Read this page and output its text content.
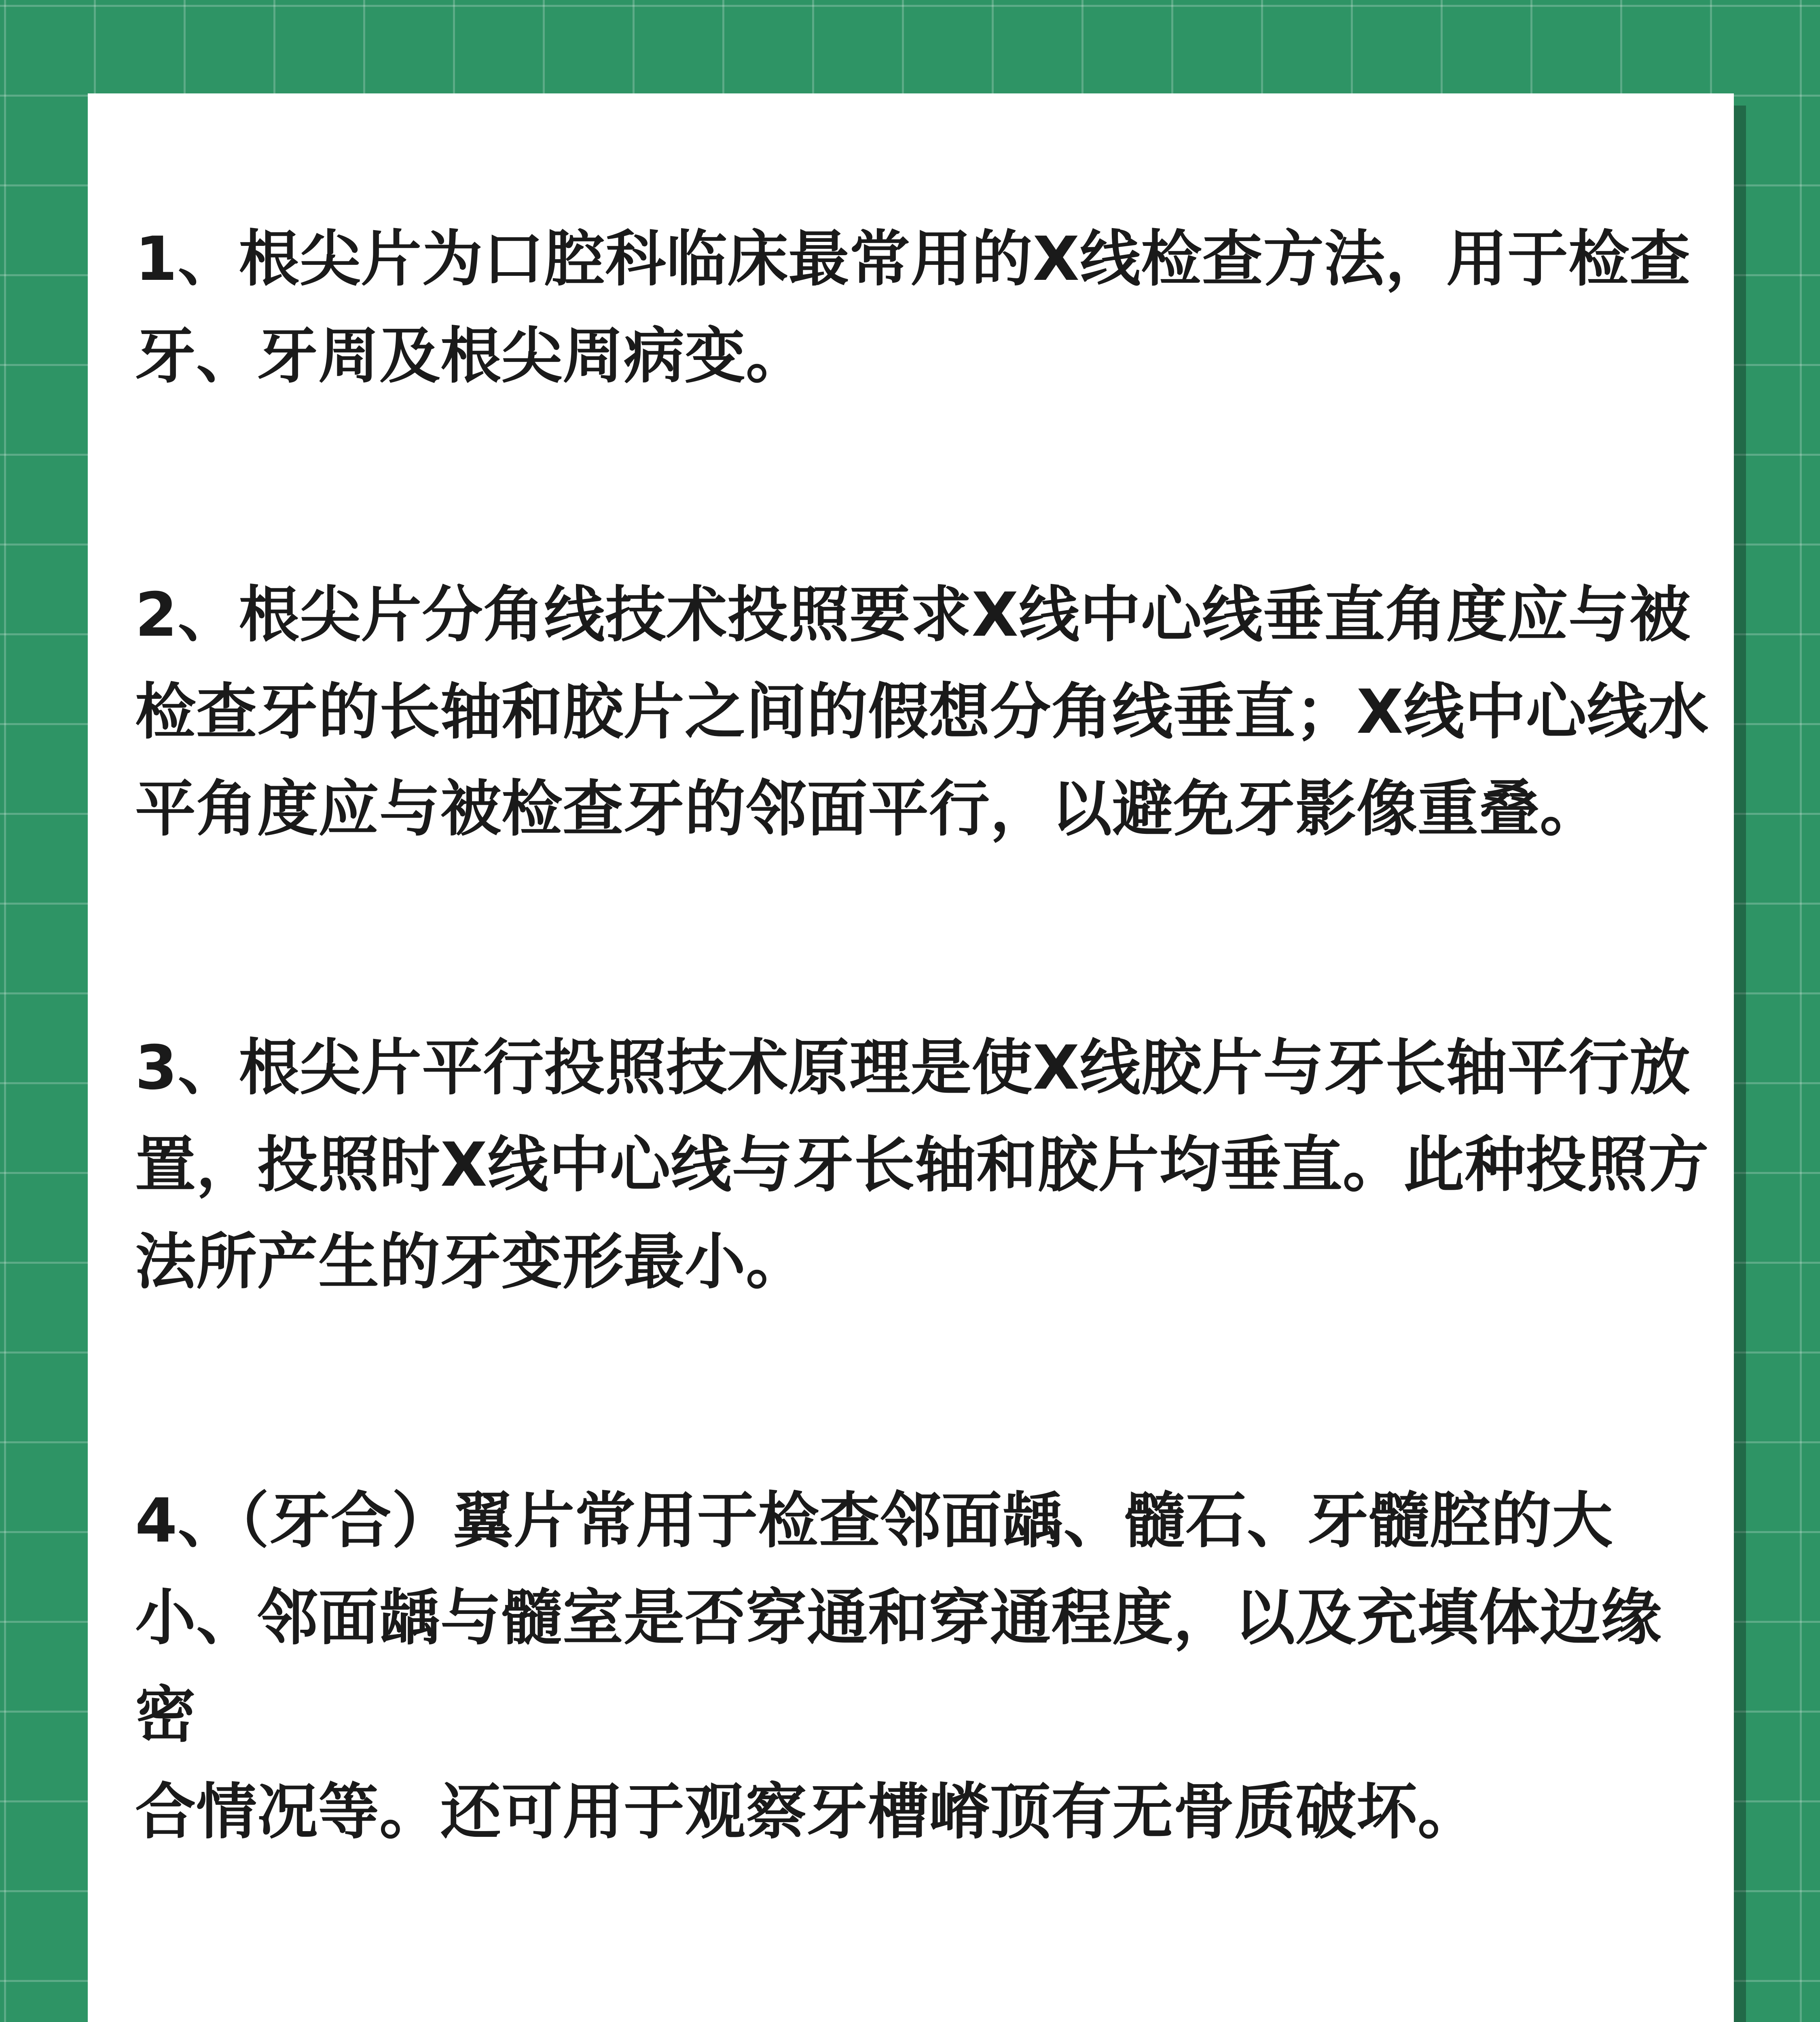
1、根尖片为口腔科临床最常用的X线检查方法，用于检查
牙、牙周及根尖周病变。

2、根尖片分角线技术投照要求X线中心线垂直角度应与被
检查牙的长轴和胶片之间的假想分角线垂直；X线中心线水
平角度应与被检查牙的邻面平行，以避免牙影像重叠。

3、根尖片平行投照技术原理是使X线胶片与牙长轴平行放
置，投照时X线中心线与牙长轴和胶片均垂直。此种投照方
法所产生的牙变形最小。

4、（牙合）翼片常用于检查邻面龋、髓石、牙髓腔的大
小、邻面龋与髓室是否穿通和穿通程度，以及充填体边缘密
合情况等。还可用于观察牙槽嵴顶有无骨质破坏。
